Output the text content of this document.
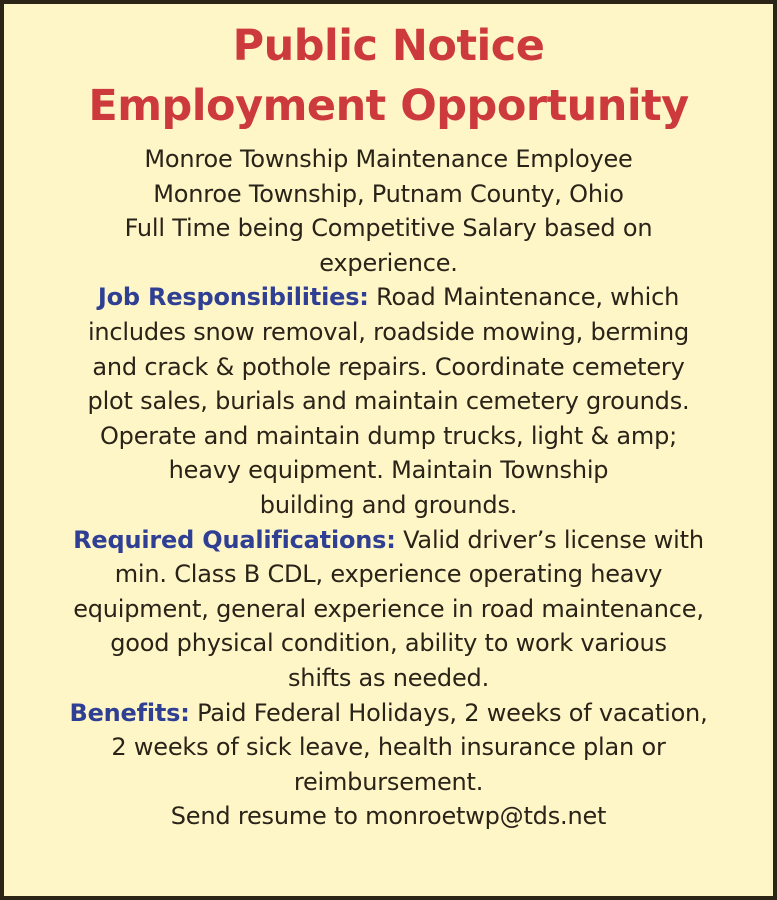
Public Notice
Employment Opportunity
Monroe Township Maintenance Employee
Monroe Township, Putnam County, Ohio
Full Time being Competitive Salary based on
experience.
Job Responsibilities: Road Maintenance, which
includes snow removal, roadside mowing, berming
and crack & pothole repairs. Coordinate cemetery
plot sales, burials and maintain cemetery grounds.
Operate and maintain dump trucks, light & amp;
heavy equipment. Maintain Township
building and grounds.
Required Qualifications: Valid driver’s license with
min. Class B CDL, experience operating heavy
equipment, general experience in road maintenance,
good physical condition, ability to work various
shifts as needed.
Benefits: Paid Federal Holidays, 2 weeks of vacation,
2 weeks of sick leave, health insurance plan or
reimbursement.
Send resume to monroetwp@tds.net
